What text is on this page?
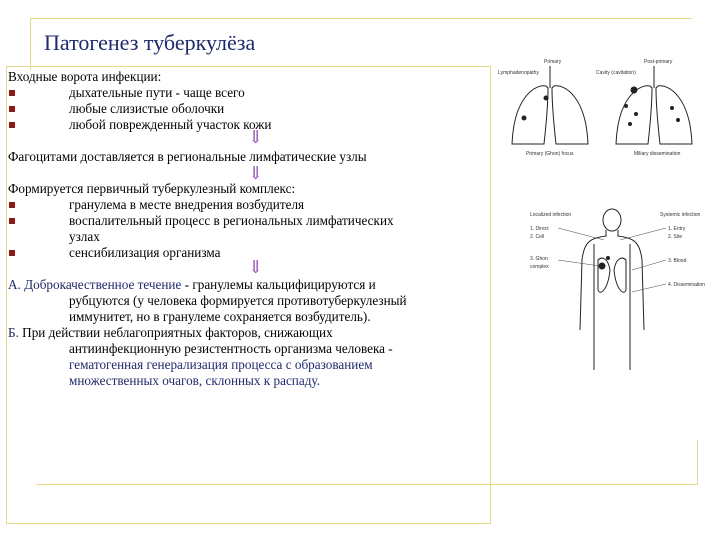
Патогенез туберкулёза
Входные ворота инфекции:
дыхательные пути - чаще всего
любые слизистые оболочки
любой поврежденный участок кожи
⇓
Фагоцитами доставляется в региональные лимфатические узлы
⇓
Формируется первичный туберкулезный комплекс:
гранулема в месте внедрения возбудителя
воспалительный процесс в региональных лимфатических
узлах
сенсибилизация организма
⇓
А. Доброкачественное течение - гранулемы кальцифицируются и
рубцуются (у человека формируется противотуберкулезный
иммунитет, но в гранулеме сохраняется возбудитель).
Б. При действии неблагоприятных факторов, снижающих
антиинфекционную резистентность организма человека -
гематогенная генерализация процесса с образованием
множественных очагов, склонных к распаду.
Primary	Post-primary
Lymphadenopathy	Cavity (cavitation)
Primary (Ghon) focus	Miliary dissemination
Localized infection	Systemic infection
1. Direct
2. Cell
3. Ghon
complex
1. Entry
2. Site
3. Blood
4. Dissemination
